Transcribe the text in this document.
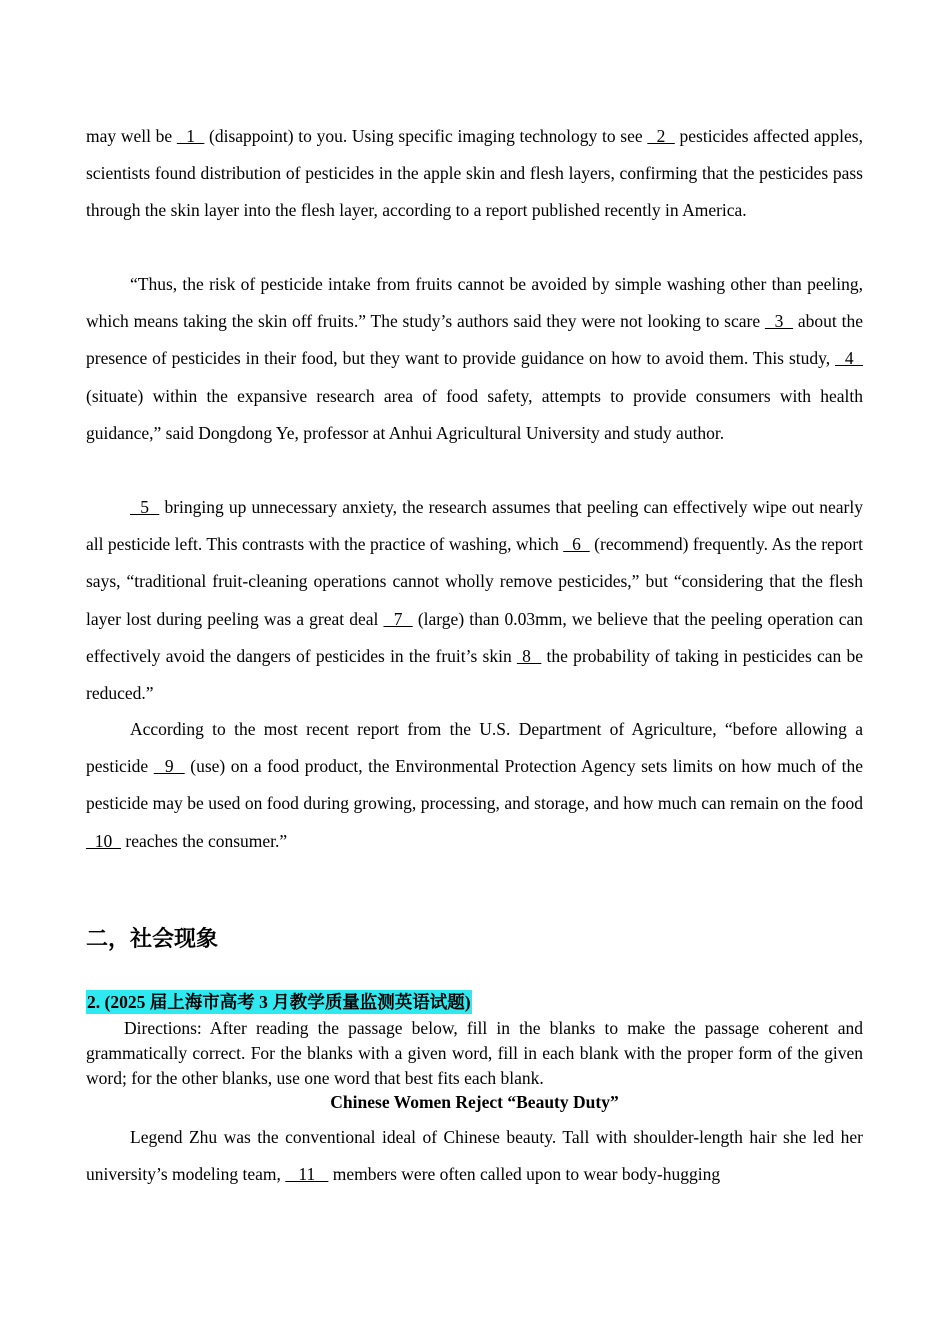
may well be   1   (disappoint) to you. Using specific imaging technology to see   2   pesticides affected apples, scientists found distribution of pesticides in the apple skin and flesh layers, confirming that the pesticides pass through the skin layer into the flesh layer, according to a report published recently in America.

“Thus, the risk of pesticide intake from fruits cannot be avoided by simple washing other than peeling, which means taking the skin off fruits.” The study’s authors said they were not looking to scare   3   about the presence of pesticides in their food, but they want to provide guidance on how to avoid them. This study,   4   (situate) within the expansive research area of food safety, attempts to provide consumers with health guidance,” said Dongdong Ye, professor at Anhui Agricultural University and study author.

5   bringing up unnecessary anxiety, the research assumes that peeling can effectively wipe out nearly all pesticide left. This contrasts with the practice of washing, which   6   (recommend) frequently. As the report says, “traditional fruit-cleaning operations cannot wholly remove pesticides,” but “considering that the flesh layer lost during peeling was a great deal   7   (large) than 0.03mm, we believe that the peeling operation can effectively avoid the dangers of pesticides in the fruit’s skin  8   the probability of taking in pesticides can be reduced.”

According to the most recent report from the U.S. Department of Agriculture, “before allowing a pesticide   9   (use) on a food product, the Environmental Protection Agency sets limits on how much of the pesticide may be used on food during growing, processing, and storage, and how much can remain on the food   10   reaches the consumer.”

二，社会现象
2. (2025 届上海市高考 3 月教学质量监测英语试题)

Directions: After reading the passage below, fill in the blanks to make the passage coherent and grammatically correct. For the blanks with a given word, fill in each blank with the proper form of the given word; for the other blanks, use one word that best fits each blank.

Chinese Women Reject “Beauty Duty”

Legend Zhu was the conventional ideal of Chinese beauty. Tall with shoulder-length hair she led her university’s modeling team,    11    members were often called upon to wear body-hugging
